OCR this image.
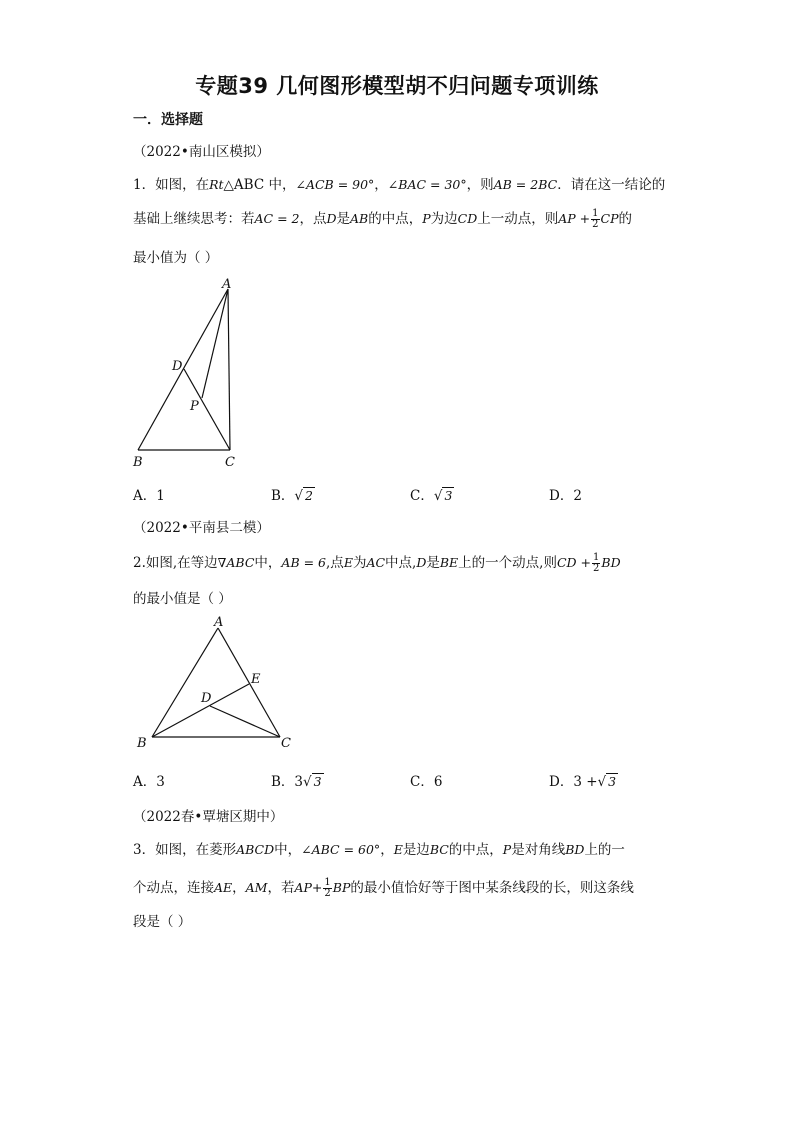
专题39 几何图形模型胡不归问题专项训练
一．选择题
（2022•南山区模拟）
1．如图，在Rt△ABC 中，∠ACB = 90°，∠BAC = 30°，则AB = 2BC．请在这一结论的
基础上继续思考：若AC = 2，点D是AB的中点，P为边CD上一动点，则AP + $\frac{1}{2}$ CP的
最小值为（ ）
A
D
P
B	C
A．1	B．√ 2	C．√ 3	D．2
（2022•平南县二模）
2.如图,在等边∇ABC中，AB = 6,点E为AC中点,D是BE上的一个动点,则CD + $\frac{1}{2}$ BD
的最小值是（ ）
A
E
D
B	C
A．3	B．3√ 3	C．6	D．3 +√ 3
（2022春•覃塘区期中）
3．如图，在菱形ABCD中，∠ABC = 60°，E是边BC的中点，P是对角线BD上的一
个动点，连接AE，AM，若$AP+ \frac{1}{2}$ BP的最小值恰好等于图中某条线段的长，则这条线
段是（ ）
